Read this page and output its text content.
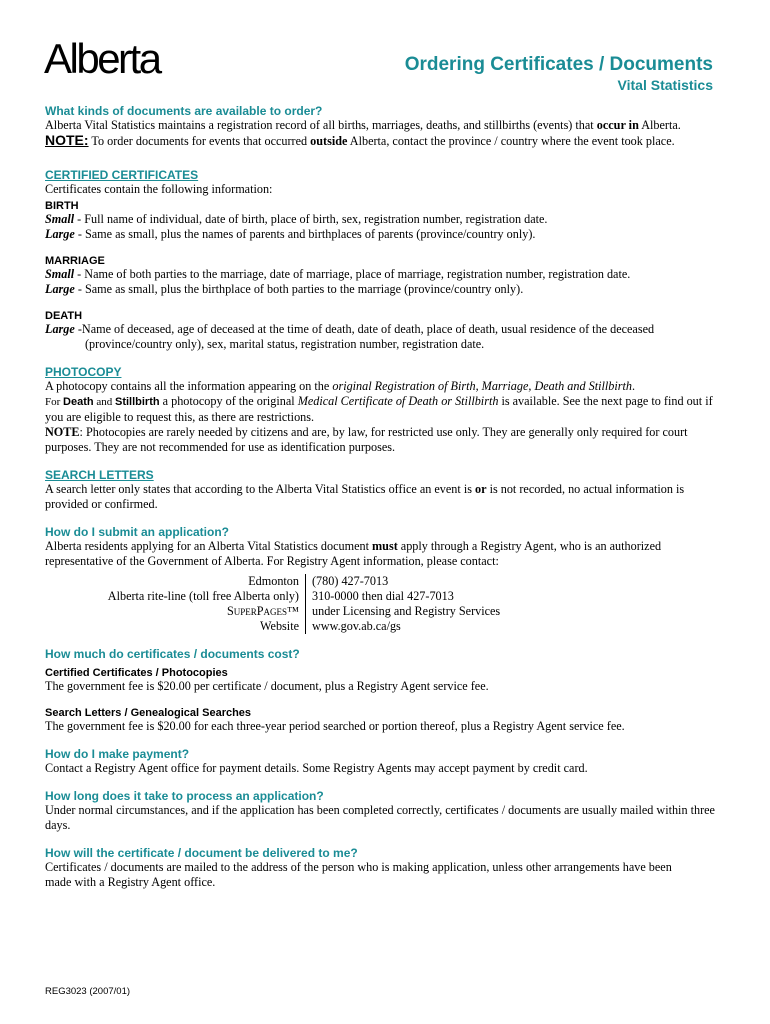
Alberta	Ordering Certificates / Documents
Vital Statistics

What kinds of documents are available to order?

Alberta Vital Statistics maintains a registration record of all births, marriages, deaths, and stillbirths (events) that occur in Alberta.

NOTE: To order documents for events that occurred outside Alberta, contact the province / country where the event took place.

CERTIFIED CERTIFICATES

Certificates contain the following information:

BIRTH

Small - Full name of individual, date of birth, place of birth, sex, registration number, registration date.

Large - Same as small, plus the names of parents and birthplaces of parents (province/country only).

MARRIAGE

Small - Name of both parties to the marriage, date of marriage, place of marriage, registration number, registration date.

Large - Same as small, plus the birthplace of both parties to the marriage (province/country only).

DEATH

Large -Name of deceased, age of deceased at the time of death, date of death, place of death, usual residence of the deceased

(province/country only), sex, marital status, registration number, registration date.

PHOTOCOPY

A photocopy contains all the information appearing on the original Registration of Birth, Marriage, Death and Stillbirth.

For Death and Stillbirth a photocopy of the original Medical Certificate of Death or Stillbirth is available. See the next page to find out if you are eligible to request this, as there are restrictions.

NOTE: Photocopies are rarely needed by citizens and are, by law, for restricted use only. They are generally only required for court purposes. They are not recommended for use as identification purposes.

SEARCH LETTERS

A search letter only states that according to the Alberta Vital Statistics office an event is or is not recorded, no actual information is provided or confirmed.

How do I submit an application?

Alberta residents applying for an Alberta Vital Statistics document must apply through a Registry Agent, who is an authorized representative of the Government of Alberta. For Registry Agent information, please contact:

Edmonton	(780) 427-7013
Alberta rite-line (toll free Alberta only)	310-0000 then dial 427-7013
SuperPages™	under Licensing and Registry Services
Website	www.gov.ab.ca/gs

How much do certificates / documents cost?

Certified Certificates / Photocopies

The government fee is $20.00 per certificate / document, plus a Registry Agent service fee.

Search Letters / Genealogical Searches

The government fee is $20.00 for each three-year period searched or portion thereof, plus a Registry Agent service fee.

How do I make payment?

Contact a Registry Agent office for payment details. Some Registry Agents may accept payment by credit card.

How long does it take to process an application?

Under normal circumstances, and if the application has been completed correctly, certificates / documents are usually mailed within three days.

How will the certificate / document be delivered to me?

Certificates / documents are mailed to the address of the person who is making application, unless other arrangements have been made with a Registry Agent office.

REG3023 (2007/01)
